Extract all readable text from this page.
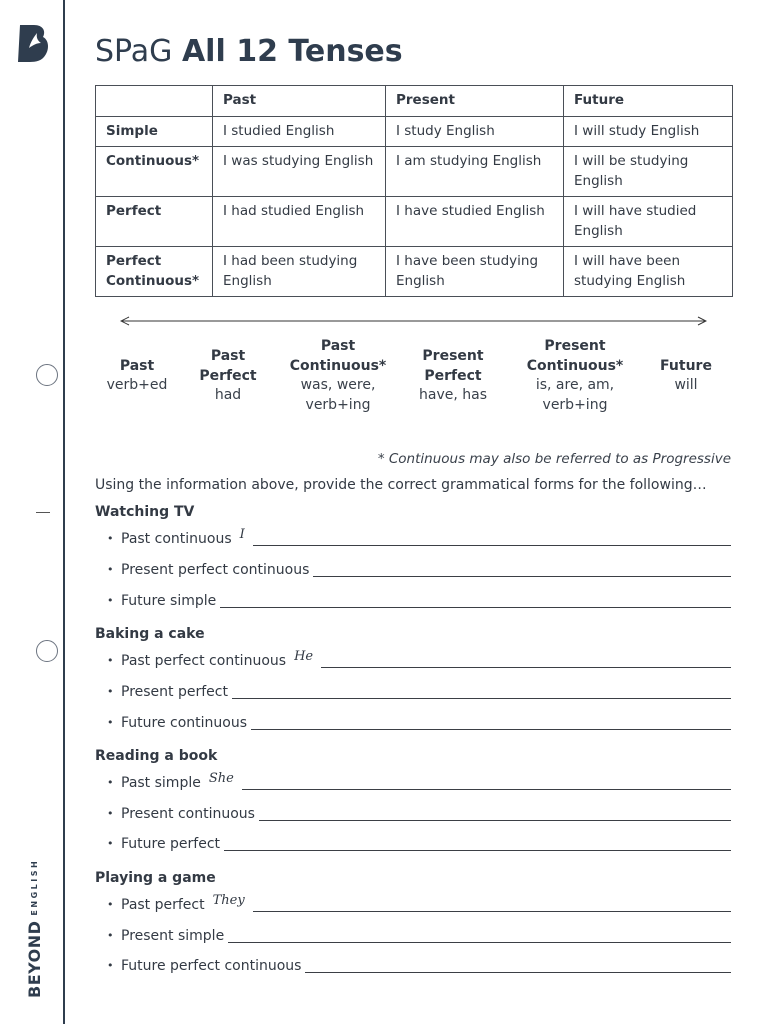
BEYOND
ENGLISH
SPaG All 12 Tenses
	Past	Present	Future
Simple	I studied English	I study English	I will study English
Continuous*	I was studying English	I am studying English	I will be studying English
Perfect	I had studied English	I have studied English	I will have studied English
Perfect Continuous*	I had been studying English	I have been studying English	I will have been studying English
Past
verb+ed
Past Perfect
had
Past Continuous*
was, were, verb+ing
Present Perfect
have, has
Present Continuous*
is, are, am, verb+ing
Future
will
* Continuous may also be referred to as Progressive
Using the information above, provide the correct grammatical forms for the following…
Watching TV
• Past continuous I
• Present perfect continuous
• Future simple
Baking a cake
• Past perfect continuous He
• Present perfect
• Future continuous
Reading a book
• Past simple She
• Present continuous
• Future perfect
Playing a game
• Past perfect They
• Present simple
• Future perfect continuous
